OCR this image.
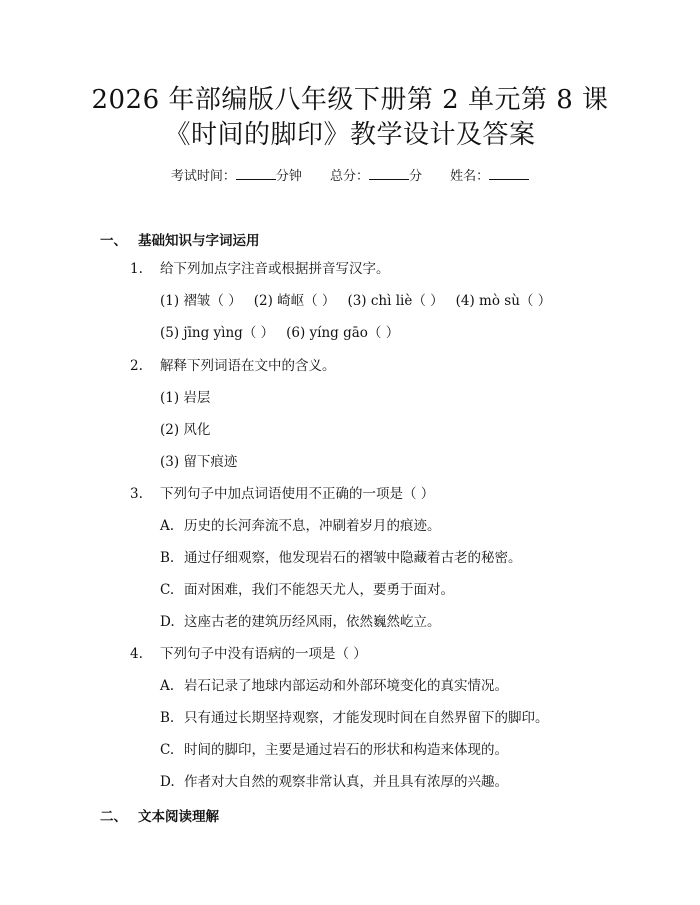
2026 年部编版八年级下册第 2 单元第 8 课
《时间的脚印》教学设计及答案
考试时间：	分钟 总分：	分 姓名：
一、 基础知识与字词运用
1. 给下列加点字注音或根据拼音写汉字。
(1) 褶皱（ ） (2) 崎岖（ ） (3) chì liè（ ） (4) mò sù（ ）
(5) jīng yìng（ ） (6) yíng gāo（ ）
2. 解释下列词语在文中的含义。
(1) 岩层
(2) 风化
(3) 留下痕迹
3. 下列句子中加点词语使用不正确的一项是（ ）
A. 历史的长河奔流不息，冲刷着岁月的痕迹。
B. 通过仔细观察，他发现岩石的褶皱中隐藏着古老的秘密。
C. 面对困难，我们不能怨天尤人，要勇于面对。
D. 这座古老的建筑历经风雨，依然巍然屹立。
4. 下列句子中没有语病的一项是（ ）
A. 岩石记录了地球内部运动和外部环境变化的真实情况。
B. 只有通过长期坚持观察，才能发现时间在自然界留下的脚印。
C. 时间的脚印，主要是通过岩石的形状和构造来体现的。
D. 作者对大自然的观察非常认真，并且具有浓厚的兴趣。
二、 文本阅读理解
